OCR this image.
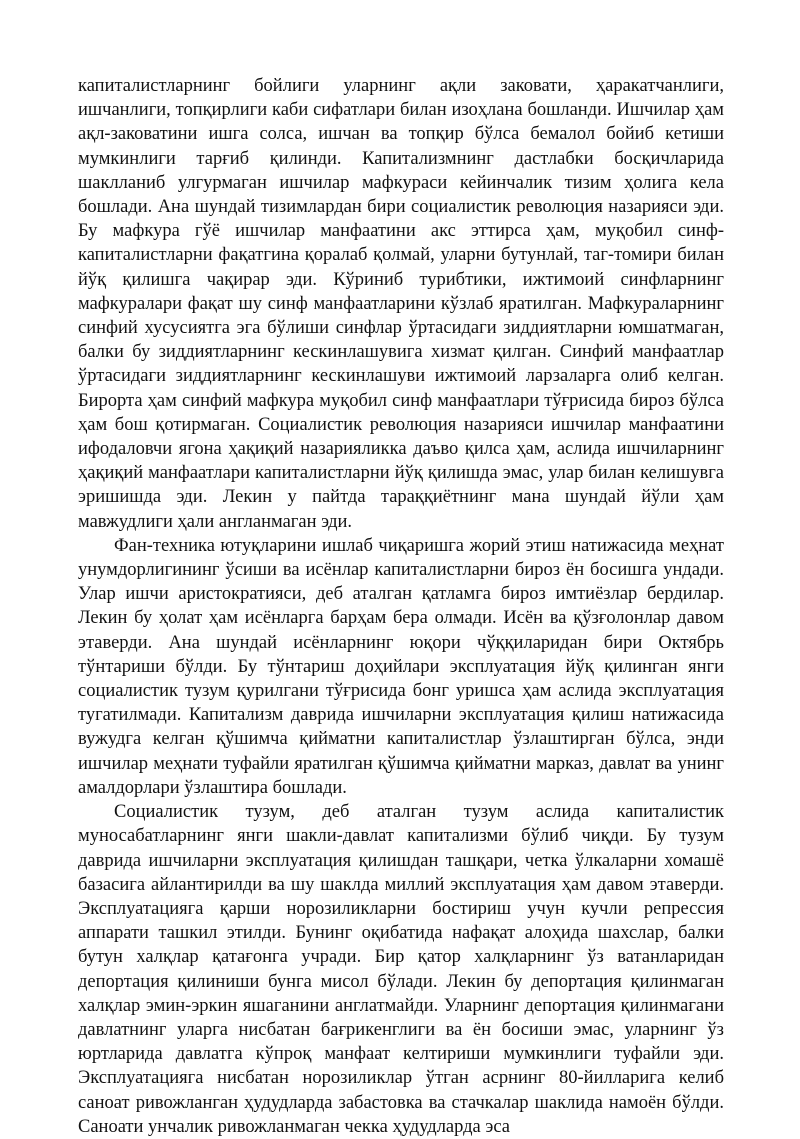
капиталистларнинг бойлиги уларнинг ақли заковати, ҳаракатчанлиги, ишчанлиги, топқирлиги каби сифатлари билан изоҳлана бошланди. Ишчилар ҳам ақл-заковатини ишга солса, ишчан ва топқир бўлса бемалол бойиб кетиши мумкинлиги тарғиб қилинди. Капитализмнинг дастлабки босқичларида шаклланиб улгурмаган ишчилар мафкураси кейинчалик тизим ҳолига кела бошлади. Ана шундай тизимлардан бири социалистик революция назарияси эди. Бу мафкура гўё ишчилар манфаатини акс эттирса ҳам, муқобил синф-капиталистларни фақатгина қоралаб қолмай, уларни бутунлай, таг-томири билан йўқ қилишга чақирар эди. Кўриниб турибтики, ижтимоий синфларнинг мафкуралари фақат шу синф манфаатларини кўзлаб яратилган. Мафкураларнинг синфий хусусиятга эга бўлиши синфлар ўртасидаги зиддиятларни юмшатмаган, балки бу зиддиятларнинг кескинлашувига хизмат қилган. Синфий манфаатлар ўртасидаги зиддиятларнинг кескинлашуви ижтимоий ларзаларга олиб келган. Бирорта ҳам синфий мафкура муқобил синф манфаатлари тўғрисида бироз бўлса ҳам бош қотирмаган. Социалистик революция назарияси ишчилар манфаатини ифодаловчи ягона ҳақиқий назарияликка даъво қилса ҳам, аслида ишчиларнинг ҳақиқий манфаатлари капиталистларни йўқ қилишда эмас, улар билан келишувга эришишда эди. Лекин у пайтда тараққиётнинг мана шундай йўли ҳам мавжудлиги ҳали англанмаган эди.

Фан-техника ютуқларини ишлаб чиқаришга жорий этиш натижасида меҳнат унумдорлигининг ўсиши ва исёнлар капиталистларни бироз ён босишга ундади. Улар ишчи аристократияси, деб аталган қатламга бироз имтиёзлар бердилар. Лекин бу ҳолат ҳам исёнларга барҳам бера олмади. Исён ва қўзғолонлар давом этаверди. Ана шундай исёнларнинг юқори чўққиларидан бири Октябрь тўнтариши бўлди. Бу тўнтариш доҳийлари эксплуатация йўқ қилинган янги социалистик тузум қурилгани тўғрисида бонг уришса ҳам аслида эксплуатация тугатилмади. Капитализм даврида ишчиларни эксплуатация қилиш натижасида вужудга келган қўшимча қийматни капиталистлар ўзлаштирган бўлса, энди ишчилар меҳнати туфайли яратилган қўшимча қийматни марказ, давлат ва унинг амалдорлари ўзлаштира бошлади.

Социалистик тузум, деб аталган тузум аслида капиталистик муносабатларнинг янги шакли-давлат капитализми бўлиб чиқди. Бу тузум даврида ишчиларни эксплуатация қилишдан ташқари, четка ўлкаларни хомашё базасига айлантирилди ва шу шаклда миллий эксплуатация ҳам давом этаверди. Эксплуатацияга қарши норозиликларни бостириш учун кучли репрессия аппарати ташкил этилди. Бунинг оқибатида нафақат алоҳида шахслар, балки бутун халқлар қатағонга учради. Бир қатор халқларнинг ўз ватанларидан депортация қилиниши бунга мисол бўлади. Лекин бу депортация қилинмаган халқлар эмин-эркин яшаганини англатмайди. Уларнинг депортация қилинмагани давлатнинг уларга нисбатан бағрикенглиги ва ён босиши эмас, уларнинг ўз юртларида давлатга кўпроқ манфаат келтириши мумкинлиги туфайли эди. Эксплуатацияга нисбатан норозиликлар ўтган асрнинг 80-йилларига келиб саноат ривожланган ҳудудларда забастовка ва стачкалар шаклида намоён бўлди. Саноати унчалик ривожланмаган чекка ҳудудларда эса
